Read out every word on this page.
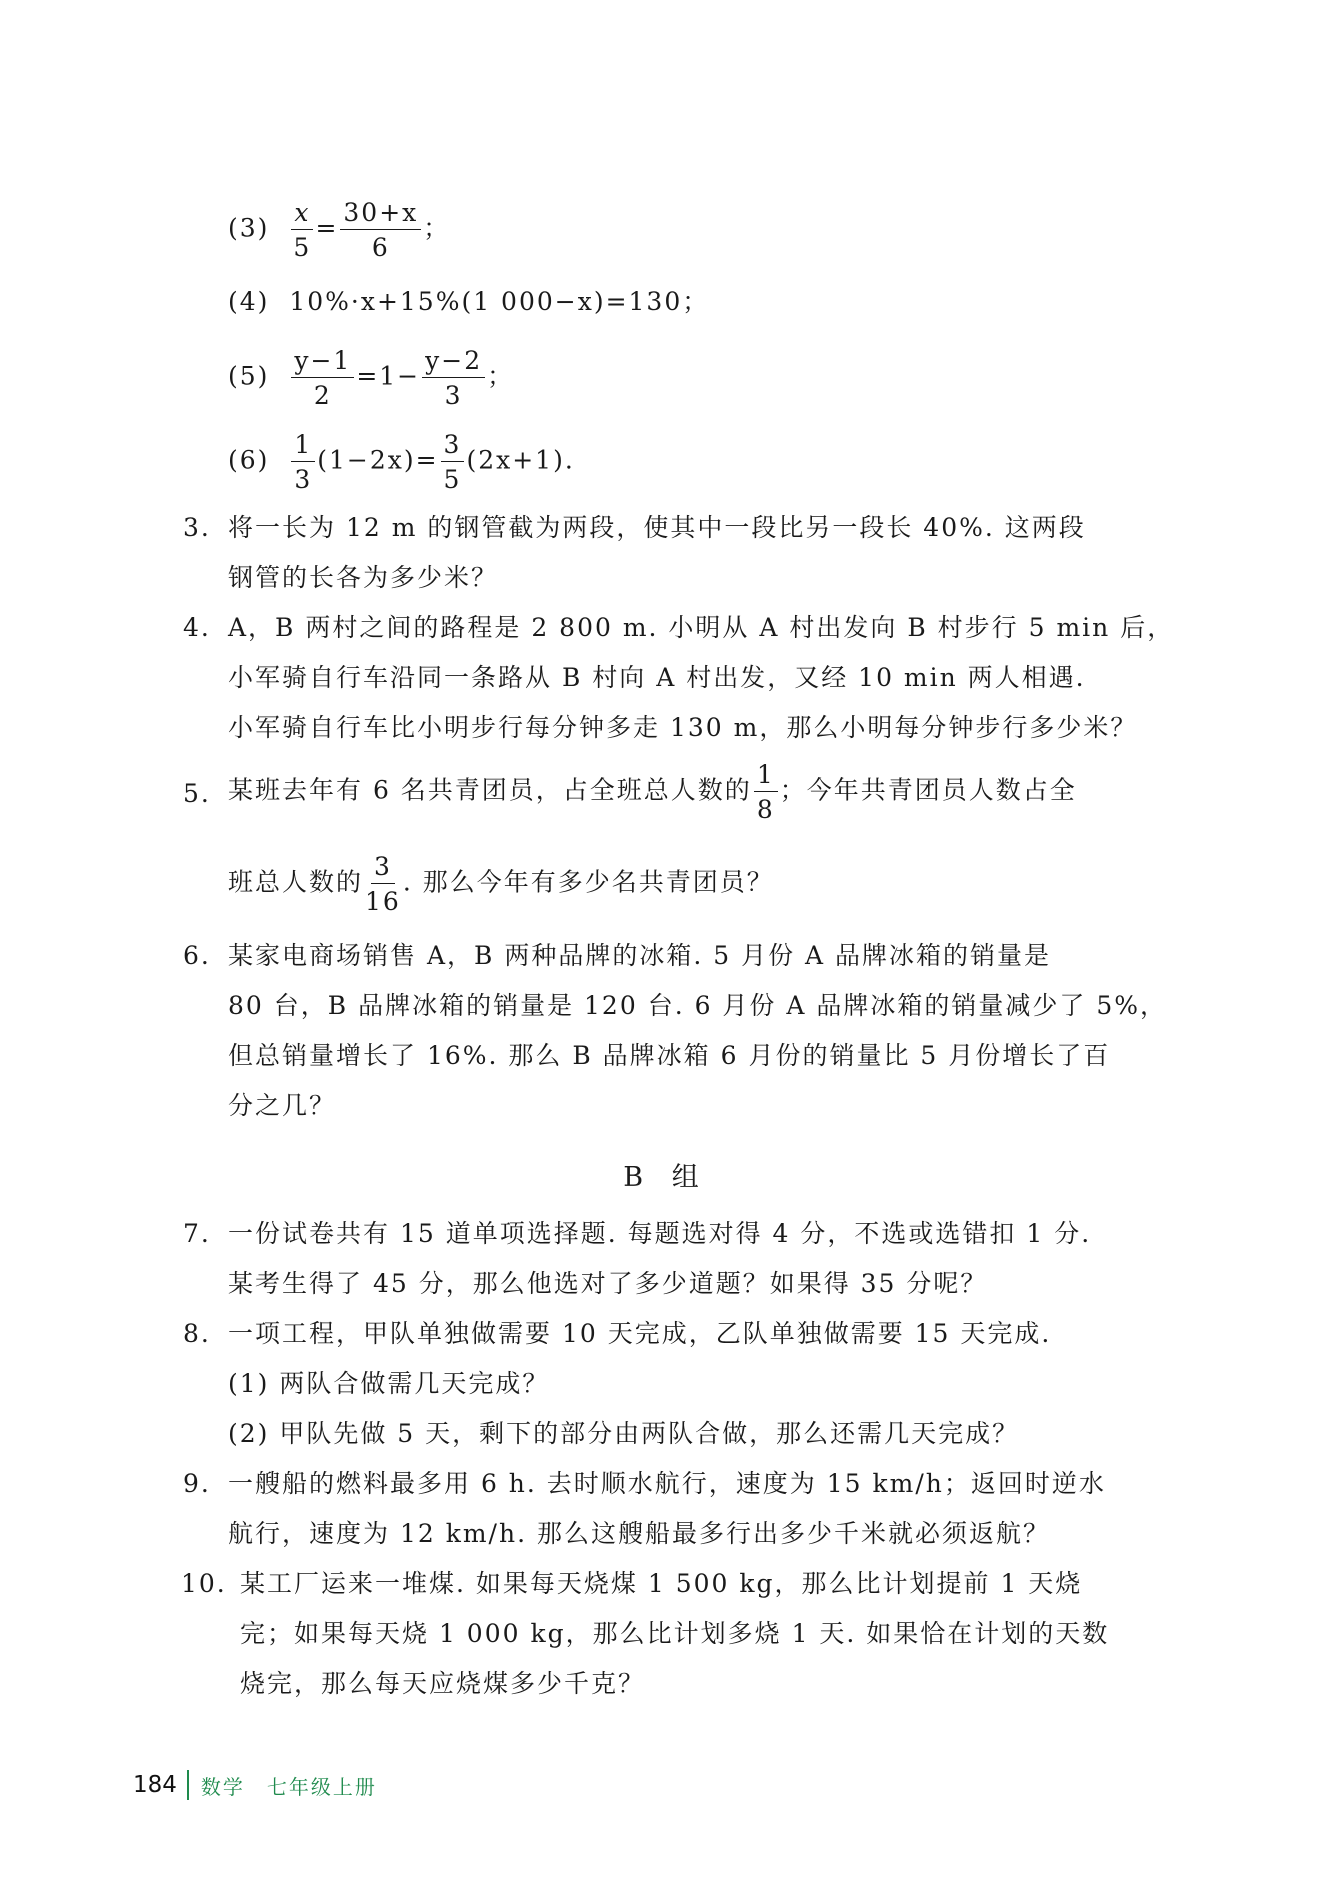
$(3) \frac{x}{5} = \frac{30+x}{6}$ ；
(4) 10%·x+15%(1 000−x)=130；
$(5) \frac{y-1}{2} =1- \frac{y-2}{3}$ ；
$(6) \frac{1}{3} (1-2x)= \frac{3}{5} (2x+1)$.
3. 将一长为 12 m 的钢管截为两段，使其中一段比另一段长 40%. 这两段
钢管的长各为多少米？
4. A，B 两村之间的路程是 2 800 m. 小明从 A 村出发向 B 村步行 5 min 后，
小军骑自行车沿同一条路从 B 村向 A 村出发，又经 10 min 两人相遇.
小军骑自行车比小明步行每分钟多走 130 m，那么小明每分钟步行多少米？
5. 某班去年有 6 名共青团员，占全班总人数的 $\frac{1}{8}$ ；今年共青团员人数占全
班总人数的 $\frac{3}{16}$ . 那么今年有多少名共青团员？
6. 某家电商场销售 A，B 两种品牌的冰箱. 5 月份 A 品牌冰箱的销量是
80 台，B 品牌冰箱的销量是 120 台. 6 月份 A 品牌冰箱的销量减少了 5%，
但总销量增长了 16%. 那么 B 品牌冰箱 6 月份的销量比 5 月份增长了百
分之几？
B 组
7. 一份试卷共有 15 道单项选择题. 每题选对得 4 分，不选或选错扣 1 分.
某考生得了 45 分，那么他选对了多少道题？如果得 35 分呢？
8. 一项工程，甲队单独做需要 10 天完成，乙队单独做需要 15 天完成.
(1) 两队合做需几天完成？
(2) 甲队先做 5 天，剩下的部分由两队合做，那么还需几天完成？
9. 一艘船的燃料最多用 6 h. 去时顺水航行，速度为 15 km/h；返回时逆水
航行，速度为 12 km/h. 那么这艘船最多行出多少千米就必须返航？
10. 某工厂运来一堆煤. 如果每天烧煤 1 500 kg，那么比计划提前 1 天烧
完；如果每天烧 1 000 kg，那么比计划多烧 1 天. 如果恰在计划的天数
烧完，那么每天应烧煤多少千克？
184 数学 七年级上册
